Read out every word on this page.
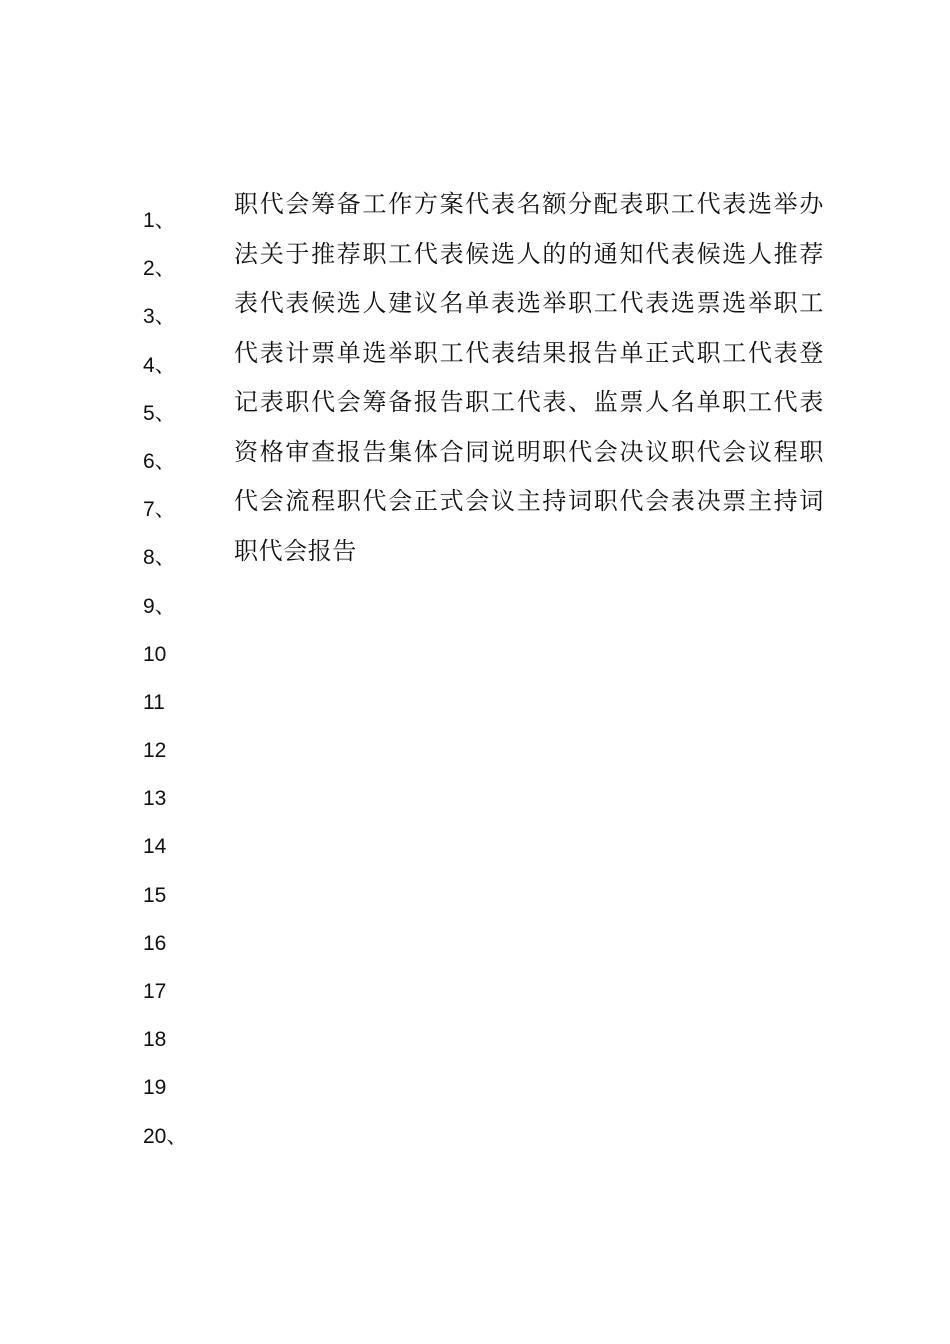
1、
2、
3、
4、
5、
6、
7、
8、
9、
10
11
12
13
14
15
16
17
18
19
20、

职代会筹备工作方案代表名额分配表职工代表选举办法关于推荐职工代表候选人的的通知代表候选人推荐表代表候选人建议名单表选举职工代表选票选举职工代表计票单选举职工代表结果报告单正式职工代表登记表职代会筹备报告职工代表、监票人名单职工代表资格审查报告集体合同说明职代会决议职代会议程职代会流程职代会正式会议主持词职代会表决票主持词职代会报告
